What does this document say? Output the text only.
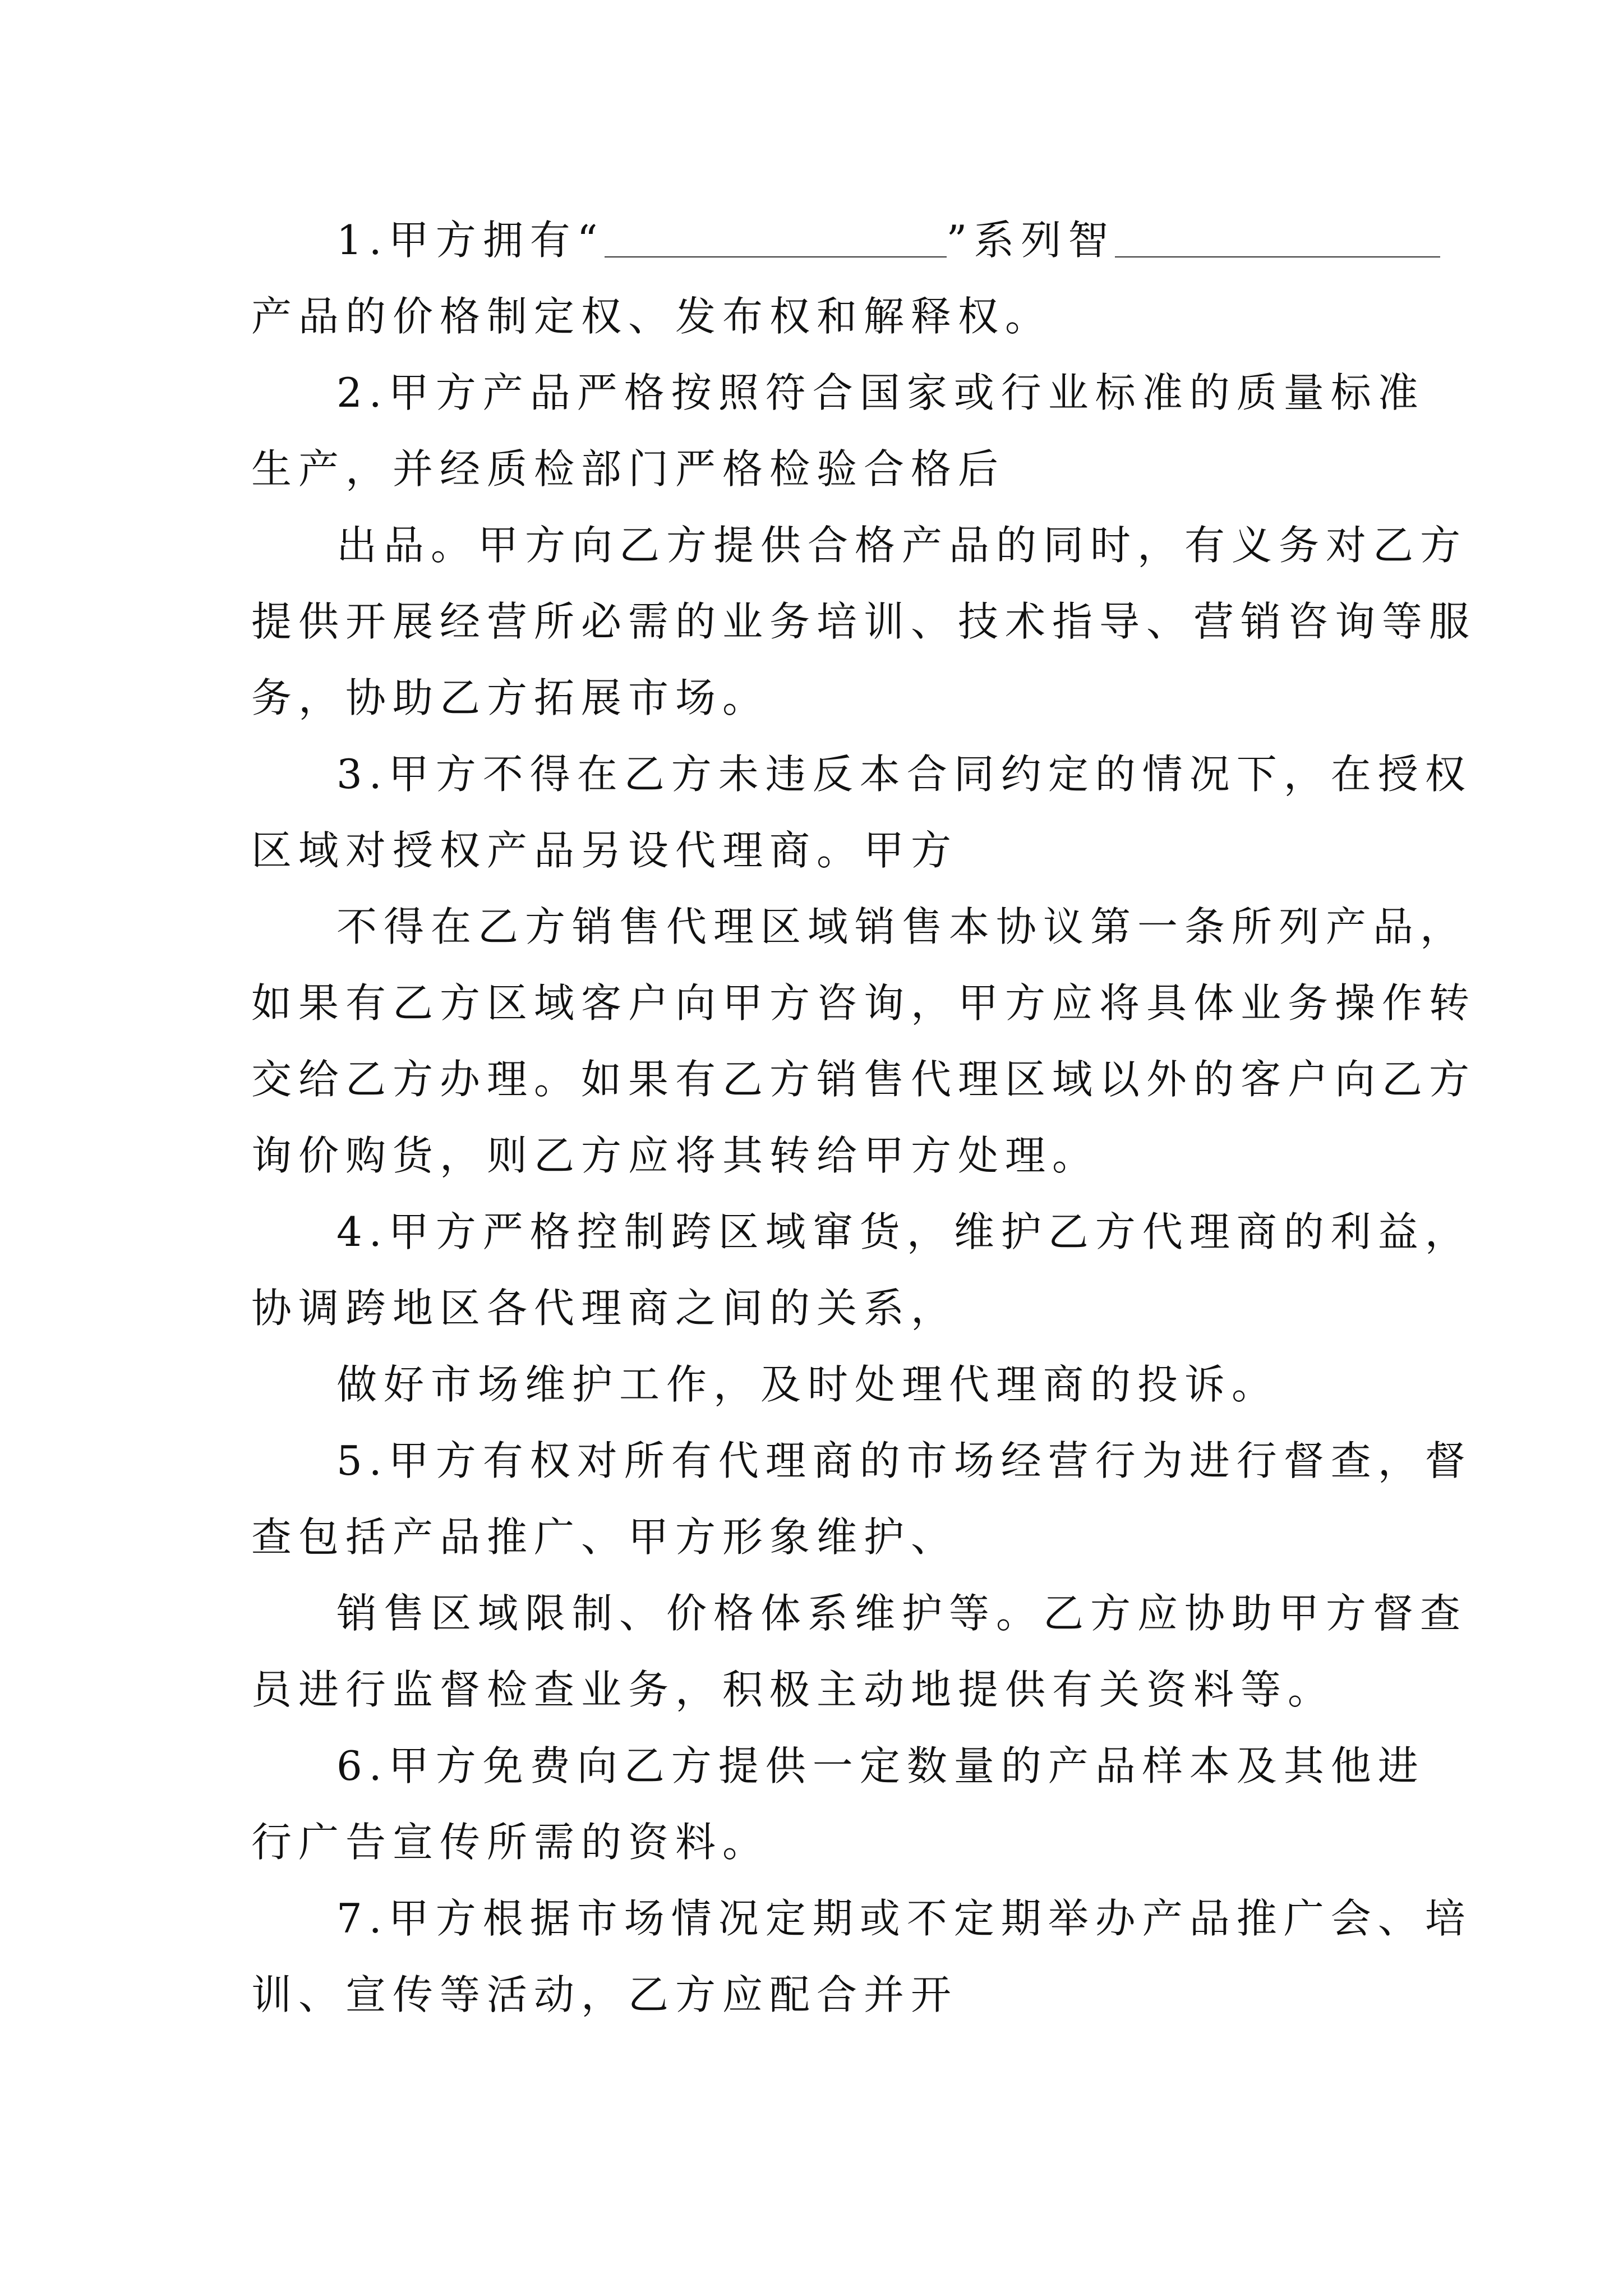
1.甲方拥有“	”系列智
产品的价格制定权、发布权和解释权。
2.甲方产品严格按照符合国家或行业标准的质量标准
生产，并经质检部门严格检验合格后
出品。甲方向乙方提供合格产品的同时，有义务对乙方
提供开展经营所必需的业务培训、技术指导、营销咨询等服
务，协助乙方拓展市场。
3.甲方不得在乙方未违反本合同约定的情况下，在授权
区域对授权产品另设代理商。甲方
不得在乙方销售代理区域销售本协议第一条所列产品，
如果有乙方区域客户向甲方咨询，甲方应将具体业务操作转
交给乙方办理。如果有乙方销售代理区域以外的客户向乙方
询价购货，则乙方应将其转给甲方处理。
4.甲方严格控制跨区域窜货，维护乙方代理商的利益，
协调跨地区各代理商之间的关系，
做好市场维护工作，及时处理代理商的投诉。
5.甲方有权对所有代理商的市场经营行为进行督查，督
查包括产品推广、甲方形象维护、
销售区域限制、价格体系维护等。乙方应协助甲方督查
员进行监督检查业务，积极主动地提供有关资料等。
6.甲方免费向乙方提供一定数量的产品样本及其他进
行广告宣传所需的资料。
7.甲方根据市场情况定期或不定期举办产品推广会、培
训、宣传等活动，乙方应配合并开
